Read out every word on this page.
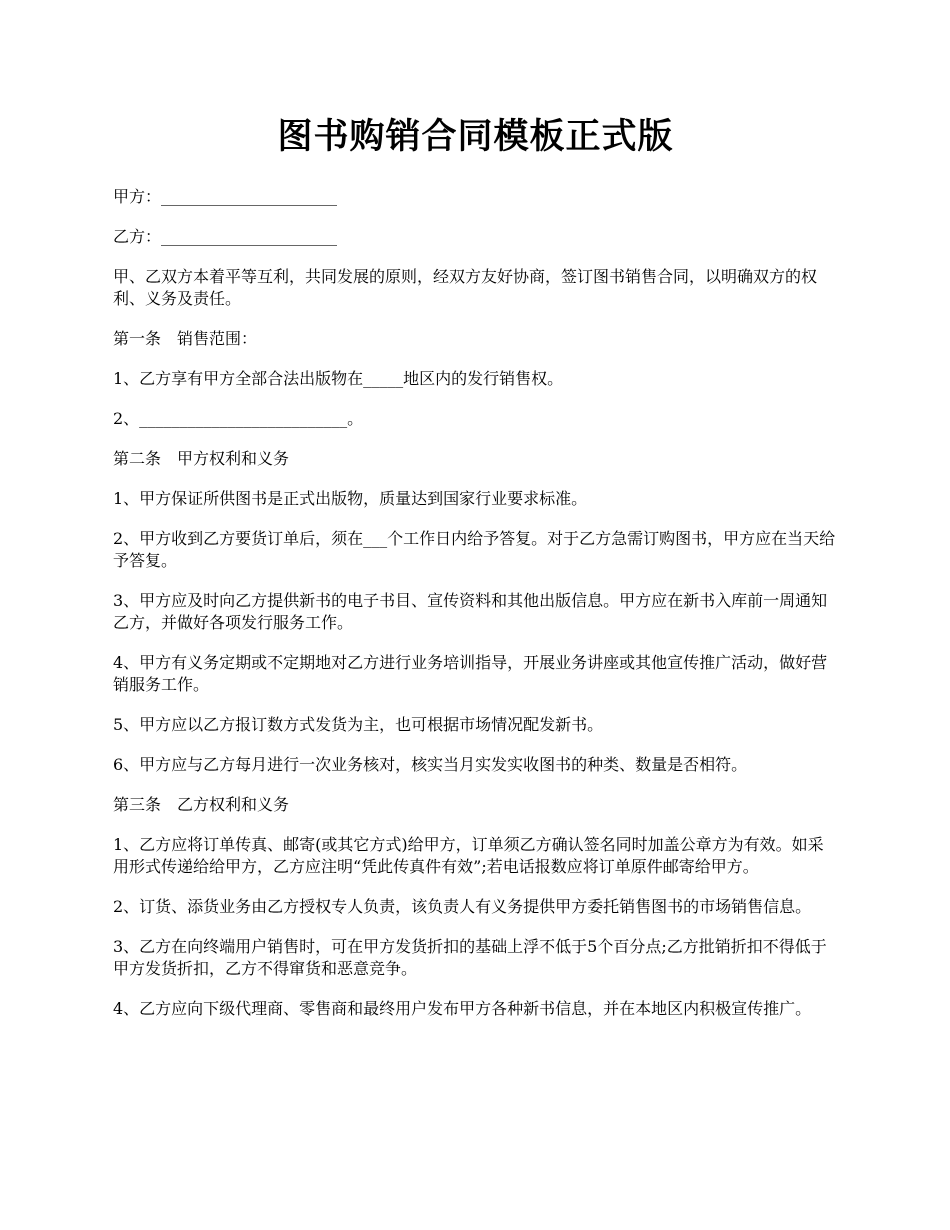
图书购销合同模板正式版

甲方：______________________

乙方：______________________

甲、乙双方本着平等互利，共同发展的原则，经双方友好协商，签订图书销售合同，以明确双方的权利、义务及责任。

第一条　销售范围：

1、乙方享有甲方全部合法出版物在_____地区内的发行销售权。

2、__________________________。

第二条　甲方权利和义务

1、甲方保证所供图书是正式出版物，质量达到国家行业要求标准。

2、甲方收到乙方要货订单后，须在___个工作日内给予答复。对于乙方急需订购图书，甲方应在当天给予答复。

3、甲方应及时向乙方提供新书的电子书目、宣传资料和其他出版信息。甲方应在新书入库前一周通知乙方，并做好各项发行服务工作。

4、甲方有义务定期或不定期地对乙方进行业务培训指导，开展业务讲座或其他宣传推广活动，做好营销服务工作。

5、甲方应以乙方报订数方式发货为主，也可根据市场情况配发新书。

6、甲方应与乙方每月进行一次业务核对，核实当月实发实收图书的种类、数量是否相符。

第三条　乙方权利和义务

1、乙方应将订单传真、邮寄(或其它方式)给甲方，订单须乙方确认签名同时加盖公章方为有效。如采用形式传递给给甲方，乙方应注明“凭此传真件有效”;若电话报数应将订单原件邮寄给甲方。

2、订货、添货业务由乙方授权专人负责，该负责人有义务提供甲方委托销售图书的市场销售信息。

3、乙方在向终端用户销售时，可在甲方发货折扣的基础上浮不低于5个百分点;乙方批销折扣不得低于甲方发货折扣，乙方不得窜货和恶意竞争。

4、乙方应向下级代理商、零售商和最终用户发布甲方各种新书信息，并在本地区内积极宣传推广。
